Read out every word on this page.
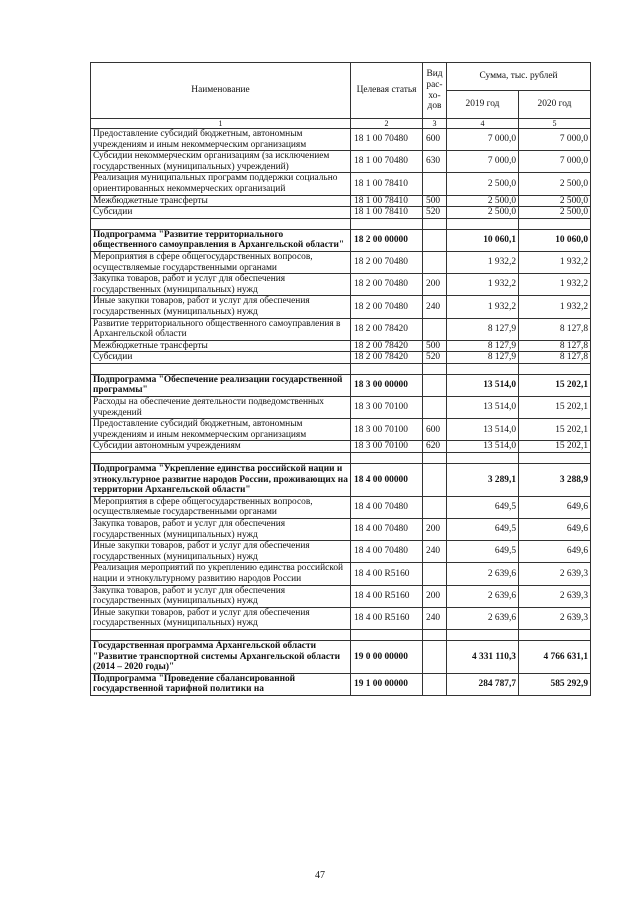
Наименование	Целевая статья	Вид рас-хо-дов	Сумма, тыс. рублей	
			2019 год	2020 год
1	2	3	4	5
Предоставление субсидий бюджетным, автономным учреждениям и иным некоммерческим организациям	18 1 00 70480	600	7 000,0	7 000,0
Субсидии некоммерческим организациям (за исключением государственных (муниципальных) учреждений)	18 1 00 70480	630	7 000,0	7 000,0
Реализация муниципальных программ поддержки социально ориентированных некоммерческих организаций	18 1 00 78410		2 500,0	2 500,0
Межбюджетные трансферты	18 1 00 78410	500	2 500,0	2 500,0
Субсидии	18 1 00 78410	520	2 500,0	2 500,0

Подпрограмма "Развитие территориального общественного самоуправления в Архангельской области"	18 2 00 00000		10 060,1	10 060,0
Мероприятия в сфере общегосударственных вопросов, осуществляемые государственными органами	18 2 00 70480		1 932,2	1 932,2
Закупка товаров, работ и услуг для обеспечения государственных (муниципальных) нужд	18 2 00 70480	200	1 932,2	1 932,2
Иные закупки товаров, работ и услуг для обеспечения государственных (муниципальных) нужд	18 2 00 70480	240	1 932,2	1 932,2
Развитие территориального общественного самоуправления в Архангельской области	18 2 00 78420		8 127,9	8 127,8
Межбюджетные трансферты	18 2 00 78420	500	8 127,9	8 127,8
Субсидии	18 2 00 78420	520	8 127,9	8 127,8

Подпрограмма "Обеспечение реализации государственной программы"	18 3 00 00000		13 514,0	15 202,1
Расходы на обеспечение деятельности подведомственных учреждений	18 3 00 70100		13 514,0	15 202,1
Предоставление субсидий бюджетным, автономным учреждениям и иным некоммерческим организациям	18 3 00 70100	600	13 514,0	15 202,1
Субсидии автономным учреждениям	18 3 00 70100	620	13 514,0	15 202,1

Подпрограмма "Укрепление единства российской нации и этнокультурное развитие народов России, проживающих на территории Архангельской области"	18 4 00 00000		3 289,1	3 288,9
Мероприятия в сфере общегосударственных вопросов, осуществляемые государственными органами	18 4 00 70480		649,5	649,6
Закупка товаров, работ и услуг для обеспечения государственных (муниципальных) нужд	18 4 00 70480	200	649,5	649,6
Иные закупки товаров, работ и услуг для обеспечения государственных (муниципальных) нужд	18 4 00 70480	240	649,5	649,6
Реализация мероприятий по укреплению единства российской нации и этнокультурному развитию народов России	18 4 00 R5160		2 639,6	2 639,3
Закупка товаров, работ и услуг для обеспечения государственных (муниципальных) нужд	18 4 00 R5160	200	2 639,6	2 639,3
Иные закупки товаров, работ и услуг для обеспечения государственных (муниципальных) нужд	18 4 00 R5160	240	2 639,6	2 639,3

Государственная программа Архангельской области "Развитие транспортной системы Архангельской области (2014 – 2020 годы)"	19 0 00 00000		4 331 110,3	4 766 631,1
Подпрограмма "Проведение сбалансированной государственной тарифной политики на	19 1 00 00000		284 787,7	585 292,9
47
